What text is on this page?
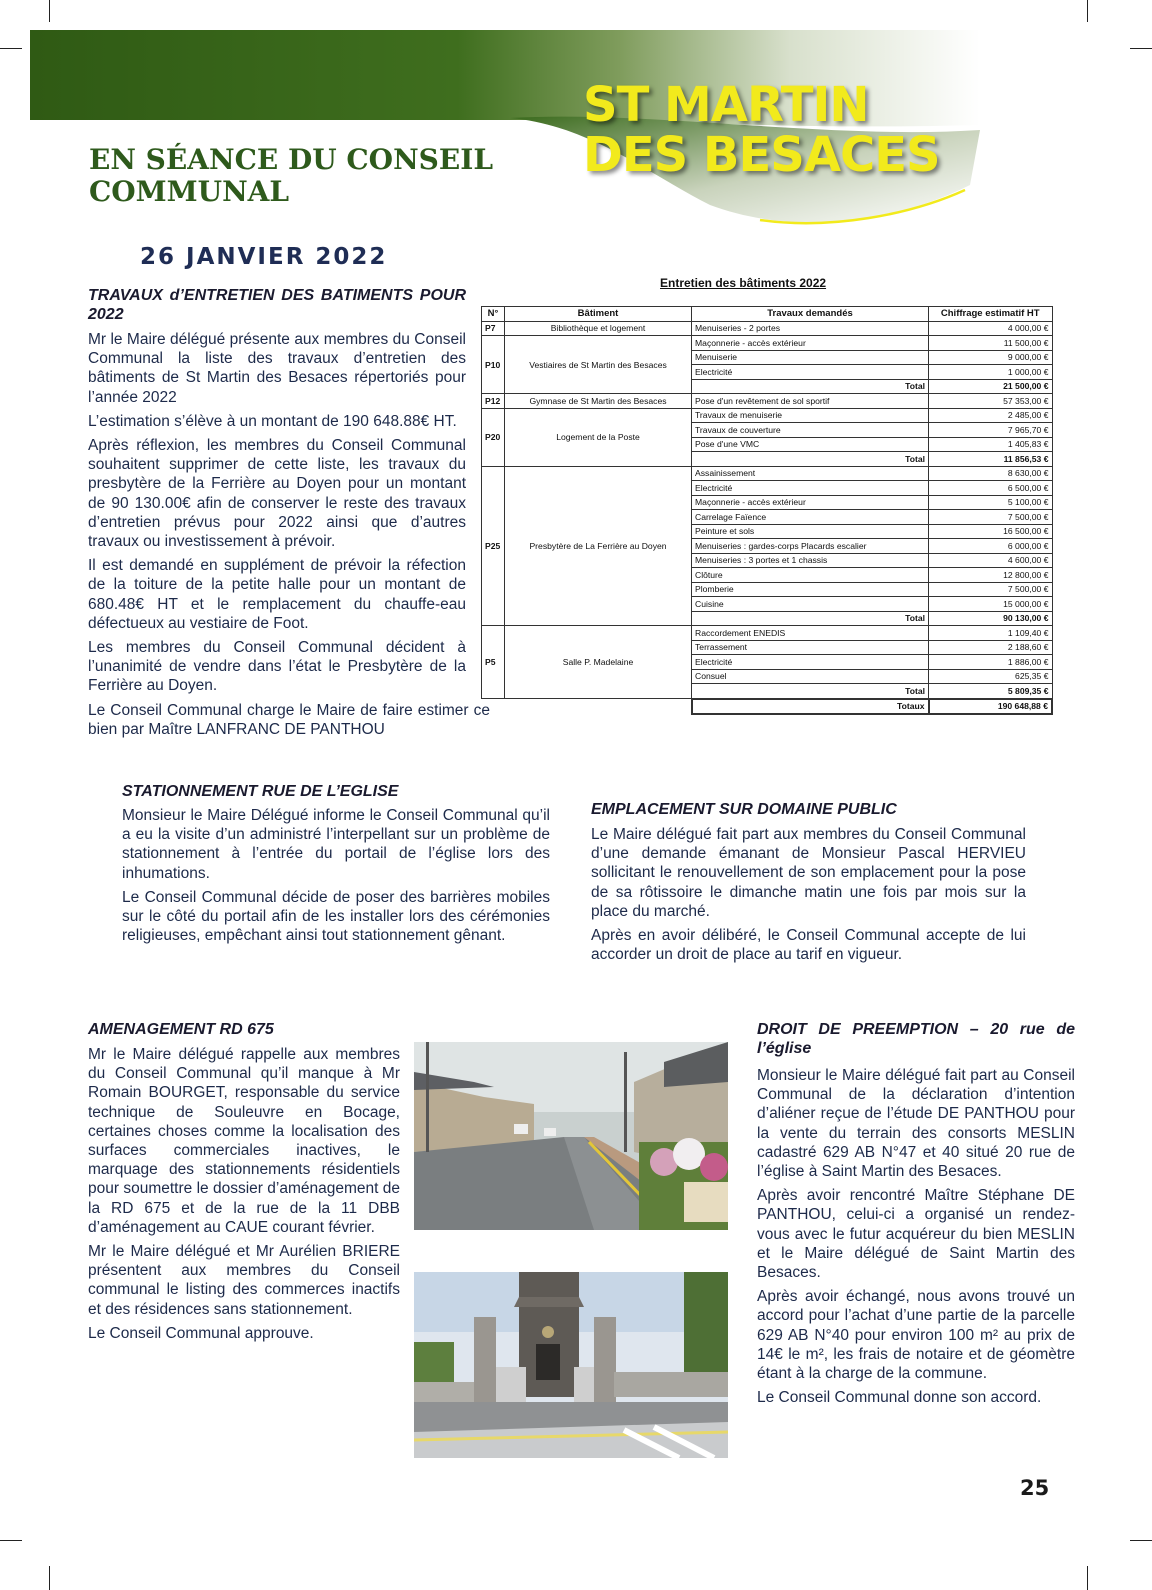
ST MARTIN
DES BESACES
EN SÉANCE DU CONSEIL
COMMUNAL
26 JANVIER 2022
TRAVAUX d’ENTRETIEN DES BATIMENTS POUR 2022

Mr le Maire délégué présente aux membres du Conseil Communal la liste des travaux d’entretien des bâtiments de St Martin des Besaces répertoriés pour l’année 2022

L’estimation s’élève à un montant de 190 648.88€ HT.

Après réflexion, les membres du Conseil Communal souhaitent supprimer de cette liste, les travaux du presbytère de la Ferrière au Doyen pour un montant de 90 130.00€ afin de conserver le reste des travaux d’entretien prévus pour 2022 ainsi que d’autres travaux ou investissement à prévoir.

Il est demandé en supplément de prévoir la réfection de la toiture de la petite halle pour un montant de 680.48€ HT et le remplacement du chauffe-eau défectueux au vestiaire de Foot.

Les membres du Conseil Communal décident à l’unanimité de vendre dans l’état le Presbytère de la Ferrière au Doyen.

Le Conseil Communal charge le Maire de faire estimer ce bien par Maître LANFRANC DE PANTHOU

Entretien des bâtiments 2022
N°	Bâtiment	Travaux demandés	Chiffrage estimatif HT
P7	Bibliothèque et logement	Menuiseries - 2 portes	4 000,00 €
P10	Vestiaires de St Martin des Besaces	Maçonnerie - accès extérieur	11 500,00 €
		Menuiserie	9 000,00 €
		Electricité	1 000,00 €
		Total	21 500,00 €
P12	Gymnase de St Martin des Besaces	Pose d'un revêtement de sol sportif	57 353,00 €
P20	Logement de la Poste	Travaux de menuiserie	2 485,00 €
		Travaux de couverture	7 965,70 €
		Pose d'une VMC	1 405,83 €
		Total	11 856,53 €
P25	Presbytère de La Ferrière au Doyen	Assainissement	8 630,00 €
		Electricité	6 500,00 €
		Maçonnerie - accès extérieur	5 100,00 €
		Carrelage Faïence	7 500,00 €
		Peinture et sols	16 500,00 €
		Menuiseries : gardes-corps Placards escalier	6 000,00 €
		Menuiseries : 3 portes et 1 chassis	4 600,00 €
		Clôture	12 800,00 €
		Plomberie	7 500,00 €
		Cuisine	15 000,00 €
		Total	90 130,00 €
P5	Salle P. Madelaine	Raccordement ENEDIS	1 109,40 €
		Terrassement	2 188,60 €
		Electricité	1 886,00 €
		Consuel	625,35 €
		Total	5 809,35 €
		Totaux	190 648,88 €
STATIONNEMENT RUE DE L’EGLISE

Monsieur le Maire Délégué informe le Conseil Communal qu’il a eu la visite d’un administré l’interpellant sur un problème de stationnement à l’entrée du portail de l’église lors des inhumations.

Le Conseil Communal décide de poser des barrières mobiles sur le côté du portail afin de les installer lors des cérémonies religieuses, empêchant ainsi tout stationnement gênant.

EMPLACEMENT SUR DOMAINE PUBLIC

Le Maire délégué fait part aux membres du Conseil Communal d’une demande émanant de Monsieur Pascal HERVIEU sollicitant le renouvellement de son emplacement pour la pose de sa rôtissoire le dimanche matin une fois par mois sur la place du marché.

Après en avoir délibéré, le Conseil Communal accepte de lui accorder un droit de place au tarif en vigueur.

AMENAGEMENT RD 675

Mr le Maire délégué rappelle aux membres du Conseil Communal qu’il manque à Mr Romain BOURGET, responsable du service technique de Souleuvre en Bocage, certaines choses comme la localisation des surfaces commerciales inactives, le marquage des stationnements résidentiels pour soumettre le dossier d’aménagement de la RD 675 et de la rue de la 11 DBB d’aménagement au CAUE courant février.

Mr le Maire délégué et Mr Aurélien BRIERE présentent aux membres du Conseil communal le listing des commerces inactifs et des résidences sans stationnement.

Le Conseil Communal approuve.

DROIT DE PREEMPTION – 20 rue de l’église

Monsieur le Maire délégué fait part au Conseil Communal de la déclaration d’intention d’aliéner reçue de l’étude DE PANTHOU pour la vente du terrain des consorts MESLIN cadastré 629 AB N°47 et 40 situé 20 rue de l’église à Saint Martin des Besaces.

Après avoir rencontré Maître Stéphane DE PANTHOU, celui-ci a organisé un rendez-vous avec le futur acquéreur du bien MESLIN et le Maire délégué de Saint Martin des Besaces.

Après avoir échangé, nous avons trouvé un accord pour l’achat d’une partie de la parcelle 629 AB N°40 pour environ 100 m² au prix de 14€ le m², les frais de notaire et de géomètre étant à la charge de la commune.

Le Conseil Communal donne son accord.

25
